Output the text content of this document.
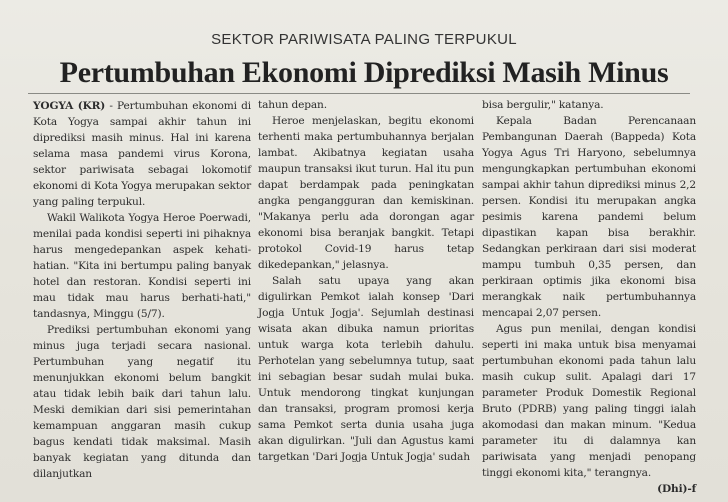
SEKTOR PARIWISATA PALING TERPUKUL
Pertumbuhan Ekonomi Diprediksi Masih Minus

YOGYA (KR) - Pertumbuhan ekonomi di Kota Yogya sampai akhir tahun ini diprediksi masih minus. Hal ini karena selama masa pandemi virus Korona, sektor pariwisata sebagai lokomotif ekonomi di Kota Yogya merupakan sektor yang paling terpukul.

Wakil Walikota Yogya Heroe Poerwadi, menilai pada kondisi seperti ini pihaknya harus mengedepankan aspek kehati-hatian. "Kita ini bertumpu paling banyak hotel dan restoran. Kondisi seperti ini mau tidak mau harus berhati-hati," tandasnya, Minggu (5/7).

Prediksi pertumbuhan ekonomi yang minus juga terjadi secara nasional. Pertumbuhan yang negatif itu menunjukkan ekonomi belum bangkit atau tidak lebih baik dari tahun lalu. Meski demikian dari sisi pemerintahan kemampuan anggaran masih cukup bagus kendati tidak maksimal. Masih banyak kegiatan yang ditunda dan dilanjutkan

tahun depan.

Heroe menjelaskan, begitu ekonomi terhenti maka pertumbuhannya berjalan lambat. Akibatnya kegiatan usaha maupun transaksi ikut turun. Hal itu pun dapat berdampak pada peningkatan angka pengangguran dan kemiskinan. "Makanya perlu ada dorongan agar ekonomi bisa beranjak bangkit. Tetapi protokol Covid-19 harus tetap dikedepankan," jelasnya.

Salah satu upaya yang akan digulirkan Pemkot ialah konsep 'Dari Jogja Untuk Jogja'. Sejumlah destinasi wisata akan dibuka namun prioritas untuk warga kota terlebih dahulu. Perhotelan yang sebelumnya tutup, saat ini sebagian besar sudah mulai buka. Untuk mendorong tingkat kunjungan dan transaksi, program promosi kerja sama Pemkot serta dunia usaha juga akan digulirkan. "Juli dan Agustus kami targetkan 'Dari Jogja Untuk Jogja' sudah

bisa bergulir," katanya.

Kepala Badan Perencanaan Pembangunan Daerah (Bappeda) Kota Yogya Agus Tri Haryono, sebelumnya mengungkapkan pertumbuhan ekonomi sampai akhir tahun diprediksi minus 2,2 persen. Kondisi itu merupakan angka pesimis karena pandemi belum dipastikan kapan bisa berakhir. Sedangkan perkiraan dari sisi moderat mampu tumbuh 0,35 persen, dan perkiraan optimis jika ekonomi bisa merangkak naik pertumbuhannya mencapai 2,07 persen.

Agus pun menilai, dengan kondisi seperti ini maka untuk bisa menyamai pertumbuhan ekonomi pada tahun lalu masih cukup sulit. Apalagi dari 17 parameter Produk Domestik Regional Bruto (PDRB) yang paling tinggi ialah akomodasi dan makan minum. "Kedua parameter itu di dalamnya kan pariwisata yang menjadi penopang tinggi ekonomi kita," terangnya.
(Dhi)-f
